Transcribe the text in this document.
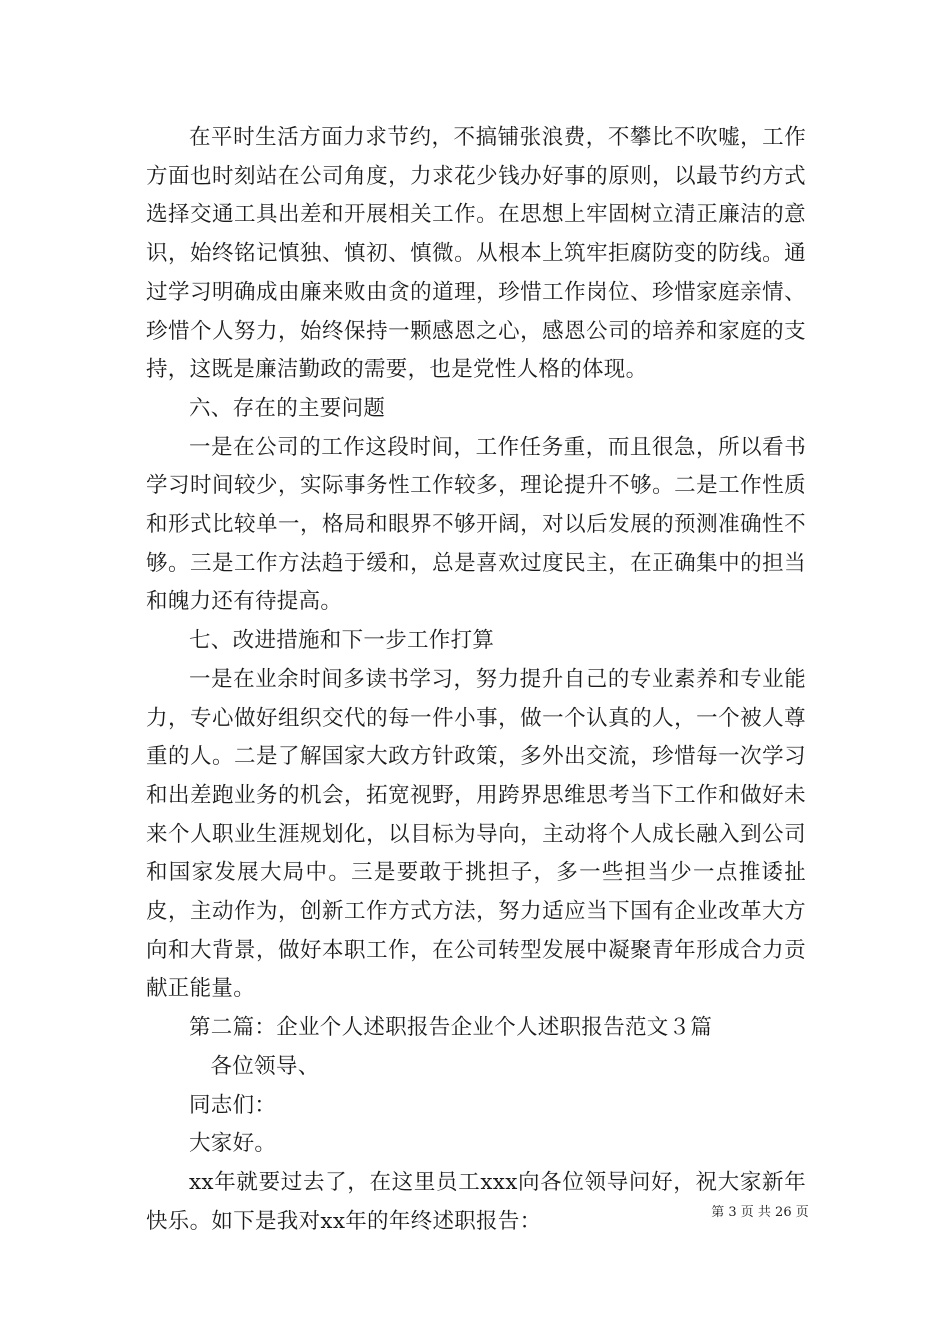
在平时生活方面力求节约，不搞铺张浪费，不攀比不吹嘘，工作方面也时刻站在公司角度，力求花少钱办好事的原则，以最节约方式选择交通工具出差和开展相关工作。在思想上牢固树立清正廉洁的意识，始终铭记慎独、慎初、慎微。从根本上筑牢拒腐防变的防线。通过学习明确成由廉来败由贪的道理，珍惜工作岗位、珍惜家庭亲情、珍惜个人努力，始终保持一颗感恩之心，感恩公司的培养和家庭的支持，这既是廉洁勤政的需要，也是党性人格的体现。

六、存在的主要问题

一是在公司的工作这段时间，工作任务重，而且很急，所以看书学习时间较少，实际事务性工作较多，理论提升不够。二是工作性质和形式比较单一，格局和眼界不够开阔，对以后发展的预测准确性不够。三是工作方法趋于缓和，总是喜欢过度民主，在正确集中的担当和魄力还有待提高。

七、改进措施和下一步工作打算

一是在业余时间多读书学习，努力提升自己的专业素养和专业能力，专心做好组织交代的每一件小事，做一个认真的人，一个被人尊重的人。二是了解国家大政方针政策，多外出交流，珍惜每一次学习和出差跑业务的机会，拓宽视野，用跨界思维思考当下工作和做好未来个人职业生涯规划化，以目标为导向，主动将个人成长融入到公司和国家发展大局中。三是要敢于挑担子，多一些担当少一点推诿扯皮，主动作为，创新工作方式方法，努力适应当下国有企业改革大方向和大背景，做好本职工作，在公司转型发展中凝聚青年形成合力贡献正能量。

第二篇：企业个人述职报告企业个人述职报告范文３篇

各位领导、

同志们：

大家好。

xx年就要过去了，在这里员工xxx向各位领导问好，祝大家新年快乐。如下是我对xx年的年终述职报告：	第 3 页 共 26 页
